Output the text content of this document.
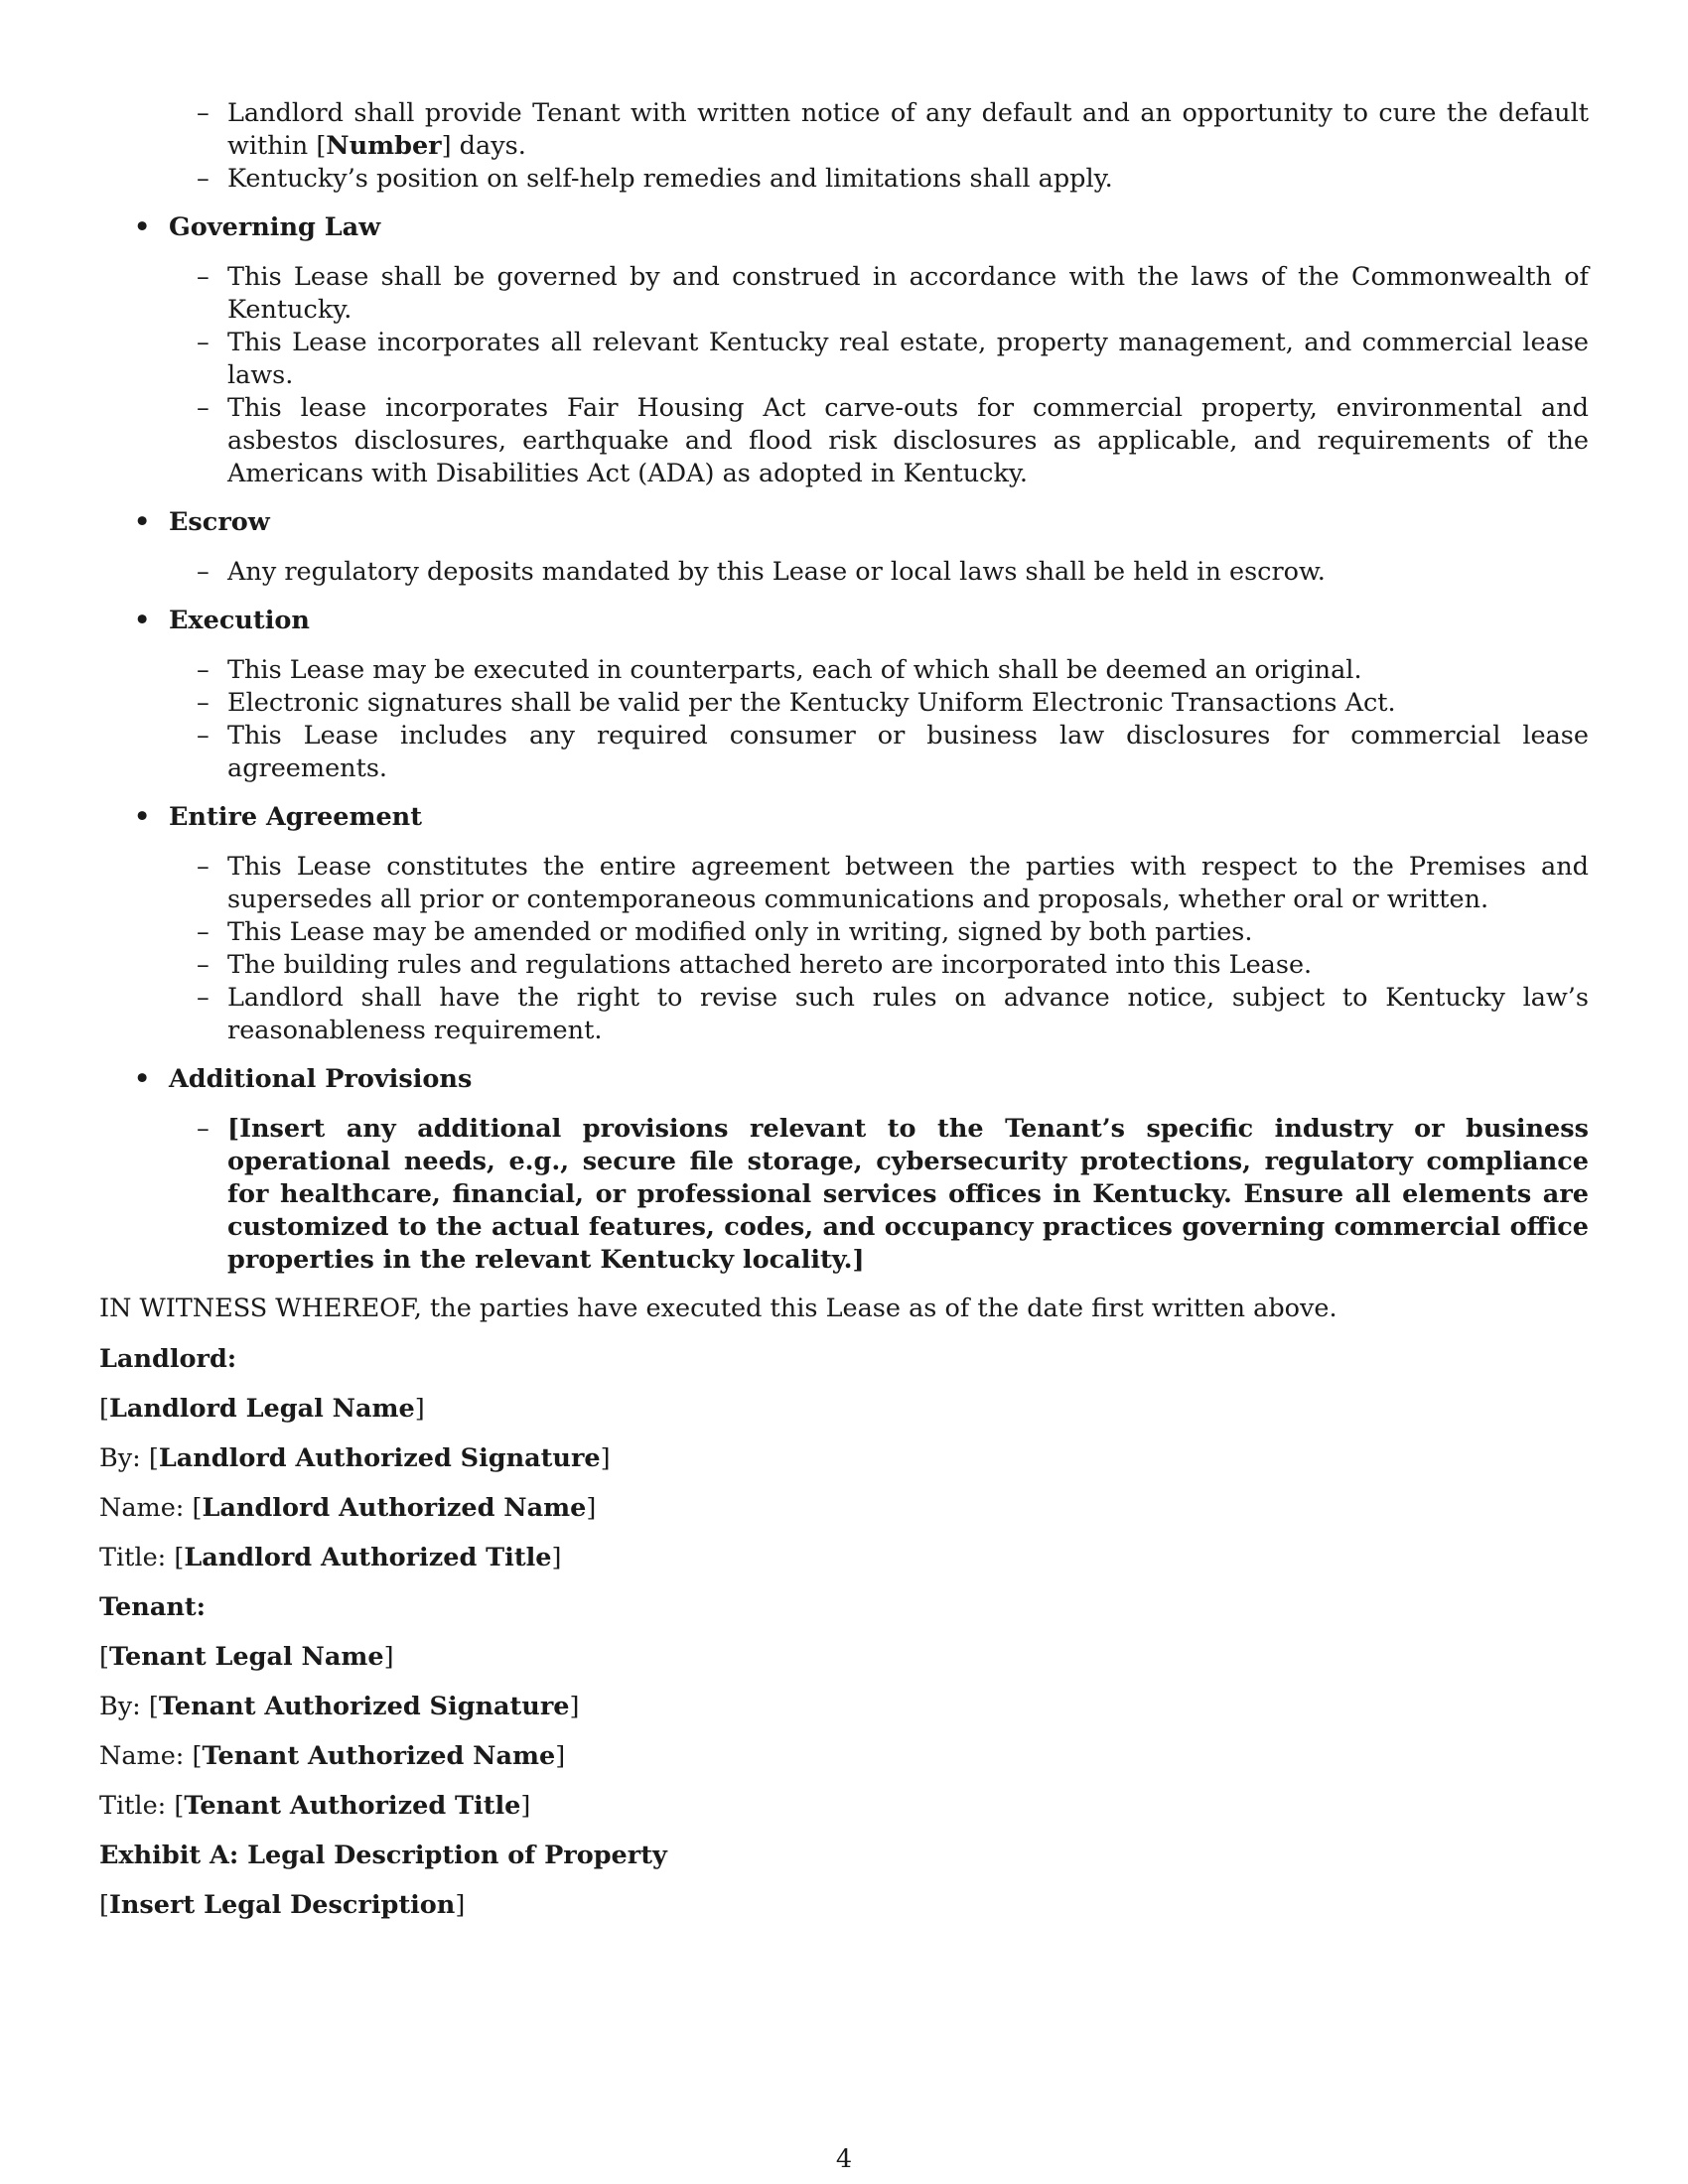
– Landlord shall provide Tenant with written notice of any default and an opportunity to cure the default within [Number] days.
– Kentucky’s position on self-help remedies and limitations shall apply.
• Governing Law
– This Lease shall be governed by and construed in accordance with the laws of the Commonwealth of Kentucky.
– This Lease incorporates all relevant Kentucky real estate, property management, and commercial lease laws.
– This lease incorporates Fair Housing Act carve-outs for commercial property, environmental and asbestos disclosures, earthquake and flood risk disclosures as applicable, and requirements of the Americans with Disabilities Act (ADA) as adopted in Kentucky.
• Escrow
– Any regulatory deposits mandated by this Lease or local laws shall be held in escrow.
• Execution
– This Lease may be executed in counterparts, each of which shall be deemed an original.
– Electronic signatures shall be valid per the Kentucky Uniform Electronic Transactions Act.
– This Lease includes any required consumer or business law disclosures for commercial lease agreements.
• Entire Agreement
– This Lease constitutes the entire agreement between the parties with respect to the Premises and supersedes all prior or contemporaneous communications and proposals, whether oral or written.
– This Lease may be amended or modified only in writing, signed by both parties.
– The building rules and regulations attached hereto are incorporated into this Lease.
– Landlord shall have the right to revise such rules on advance notice, subject to Kentucky law’s reasonableness requirement.
• Additional Provisions
– [Insert any additional provisions relevant to the Tenant’s specific industry or business operational needs, e.g., secure file storage, cybersecurity protections, regulatory compliance for healthcare, financial, or professional services offices in Kentucky. Ensure all elements are customized to the actual features, codes, and occupancy practices governing commercial office properties in the relevant Kentucky locality.]

IN WITNESS WHEREOF, the parties have executed this Lease as of the date first written above.

Landlord:

[Landlord Legal Name]

By: [Landlord Authorized Signature]

Name: [Landlord Authorized Name]

Title: [Landlord Authorized Title]

Tenant:

[Tenant Legal Name]

By: [Tenant Authorized Signature]

Name: [Tenant Authorized Name]

Title: [Tenant Authorized Title]

Exhibit A: Legal Description of Property

[Insert Legal Description]

4
